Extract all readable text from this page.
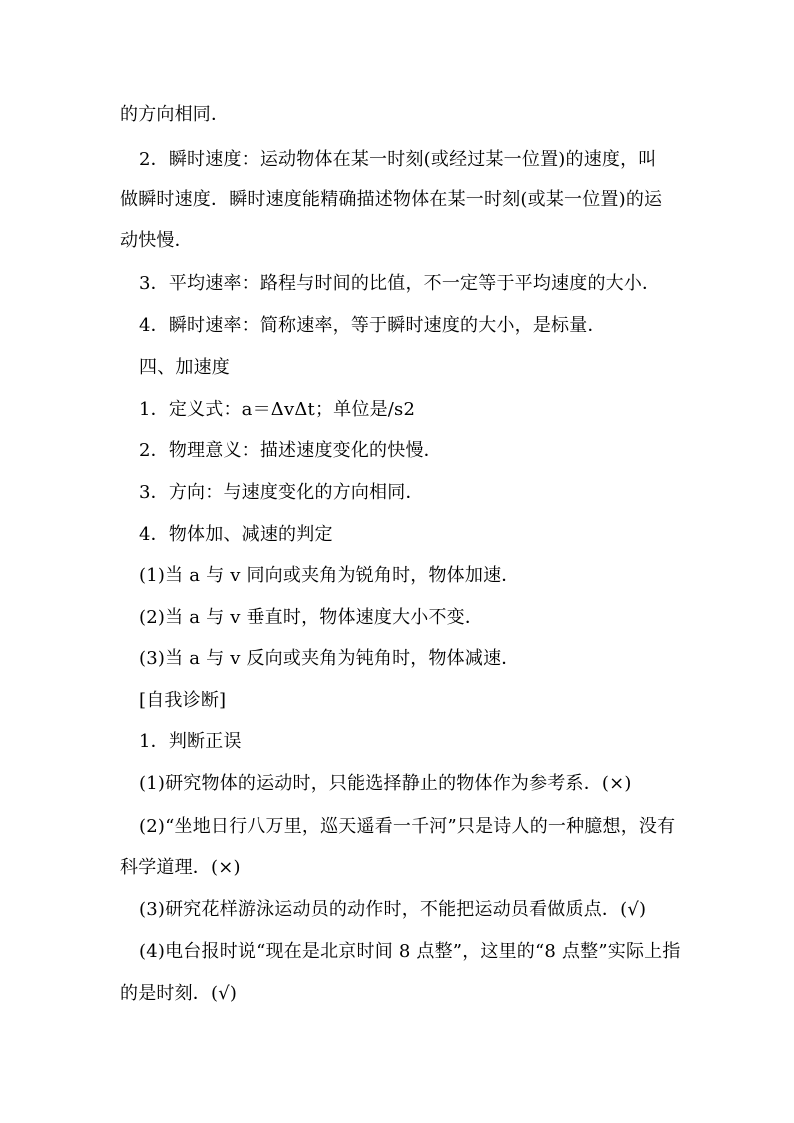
的方向相同．
2．瞬时速度：运动物体在某一时刻(或经过某一位置)的速度，叫
做瞬时速度．瞬时速度能精确描述物体在某一时刻(或某一位置)的运
动快慢．
3．平均速率：路程与时间的比值，不一定等于平均速度的大小．
4．瞬时速率：简称速率，等于瞬时速度的大小，是标量．
四、加速度
1．定义式：a＝ΔvΔt；单位是/s2
2．物理意义：描述速度变化的快慢．
3．方向：与速度变化的方向相同．
4．物体加、减速的判定
(1)当 a 与 v 同向或夹角为锐角时，物体加速．
(2)当 a 与 v 垂直时，物体速度大小不变．
(3)当 a 与 v 反向或夹角为钝角时，物体减速．
[自我诊断]
1．判断正误
(1)研究物体的运动时，只能选择静止的物体作为参考系．(×)
(2)“坐地日行八万里，巡天遥看一千河”只是诗人的一种臆想，没有
科学道理．(×)
(3)研究花样游泳运动员的动作时，不能把运动员看做质点．(√)
(4)电台报时说“现在是北京时间 8 点整”，这里的“8 点整”实际上指
的是时刻．(√)
